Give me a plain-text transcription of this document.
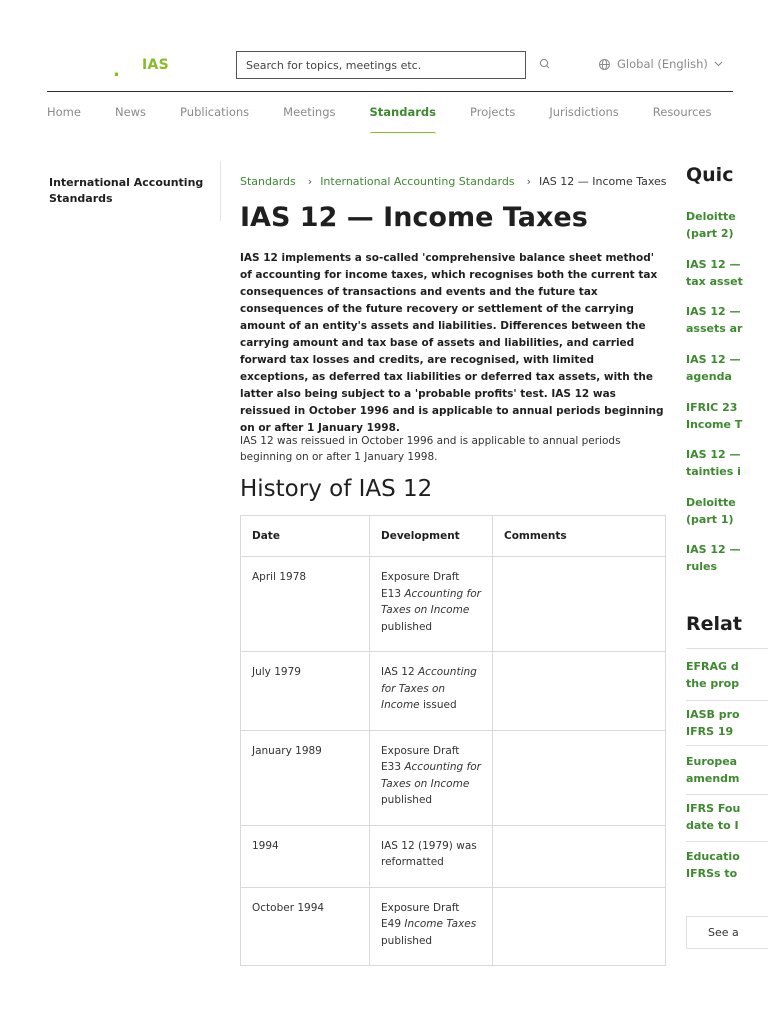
. IAS	Search for topics, meetings etc.	Global (English)
Home	News	Publications	Meetings	Standards	Projects	Jurisdictions	Resources
International Accounting Standards
Standards › International Accounting Standards › IAS 12 — Income Taxes
IAS 12 — Income Taxes

IAS 12 implements a so-called 'comprehensive balance sheet method' of accounting for income taxes, which recognises both the current tax consequences of transactions and events and the future tax consequences of the future recovery or settlement of the carrying amount of an entity's assets and liabilities. Differences between the carrying amount and tax base of assets and liabilities, and carried forward tax losses and credits, are recognised, with limited exceptions, as deferred tax liabilities or deferred tax assets, with the latter also being subject to a 'probable profits' test. IAS 12 was reissued in October 1996 and is applicable to annual periods beginning on or after 1 January 1998.

IAS 12 was reissued in October 1996 and is applicable to annual periods beginning on or after 1 January 1998.

History of IAS 12
Date	Development	Comments
April 1978	Exposure Draft E13 Accounting for Taxes on Income published	
July 1979	IAS 12 Accounting for Taxes on Income issued	
January 1989	Exposure Draft E33 Accounting for Taxes on Income published	
1994	IAS 12 (1979) was reformatted	
October 1994	Exposure Draft E49 Income Taxes published	
Quic
Deloitte
(part 2)
IAS 12 —
tax asset
IAS 12 —
assets ar
IAS 12 —
agenda
IFRIC 23
Income T
IAS 12 —
tainties i
Deloitte
(part 1)
IAS 12 —
rules
Relat
EFRAG d
the prop
IASB pro
IFRS 19
Europea
amendm
IFRS Fou
date to I
Educatio
IFRSs to
See a
